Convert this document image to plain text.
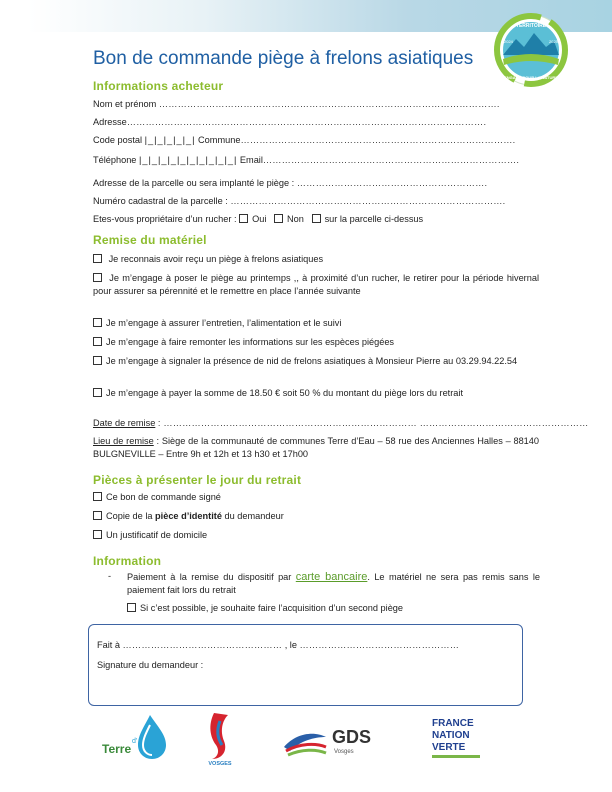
TERRITOIRE
2024	2025
ENGAGÉ POUR LA NATURE
Bon de commande piège à frelons asiatiques
Informations acheteur
Nom et prénom ……………………………………………………………………………………………….
Adresse…………………………………………………………………………………………………….
Code postal |_|_|_|_|_| Commune…………………………………………………………………………….
Téléphone |_|_|_|_|_|_|_|_|_|_| Email……………………………………………………………………….
Adresse de la parcelle ou sera implanté le piège : …………………………………………………….
Numéro cadastral de la parcelle : …………………………………………………………………………….
Etes-vous propriétaire d’un rucher : Oui Non sur la parcelle ci-dessus
Remise du matériel
Je reconnais avoir reçu un piège à frelons asiatiques
Je m’engage à poser le piège au printemps ,, à proximité d’un rucher, le retirer pour la période hivernal pour assurer sa pérennité et le remettre en place l’année suivante
Je m’engage à assurer l’entretien, l’alimentation et le suivi
Je m’engage à faire remonter les informations sur les espèces piégées
Je m’engage à signaler la présence de nid de frelons asiatiques à Monsieur Pierre au 03.29.94.22.54
Je m’engage à payer la somme de 18.50 € soit 50 % du montant du piège lors du retrait
Date de remise : ……………………………………………………………………… ………………………………………………
Lieu de remise : Siège de la communauté de communes Terre d’Eau – 58 rue des Anciennes Halles – 88140 BULGNEVILLE – Entre 9h et 12h et 13 h30 et 17h00
Pièces à présenter le jour du retrait
Ce bon de commande signé
Copie de la pièce d’identité du demandeur
Un justificatif de domicile
Information
- Paiement à la remise du dispositif par carte bancaire. Le matériel ne sera pas remis sans le paiement fait lors du retrait
Si c’est possible, je souhaite faire l’acquisition d’un second piège
Fait à …………………………………………… , le ……………………………………………
Signature du demandeur :
Terre
d’
VOSGES
GDS
Vosges
FRANCE
NATION
VERTE
